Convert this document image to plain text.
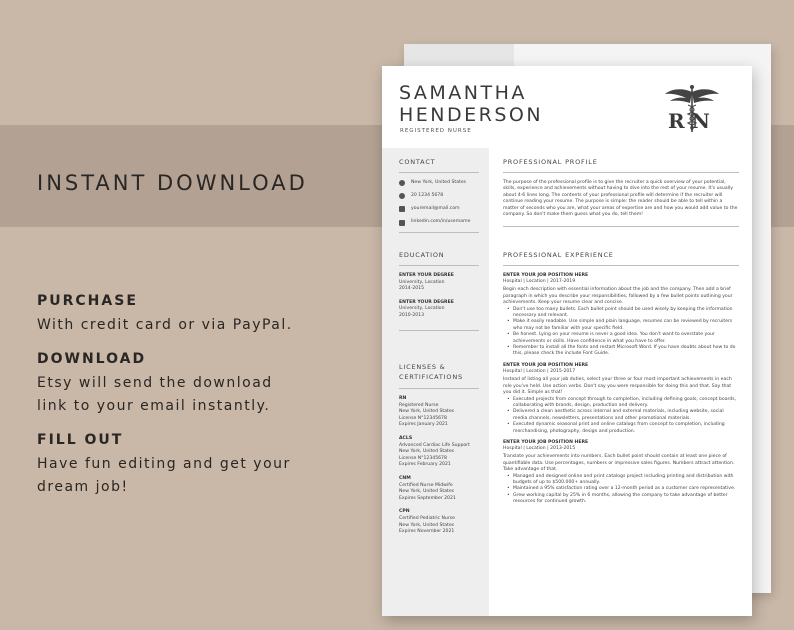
INSTANT DOWNLOAD
PURCHASE
With credit card or via PayPal.
DOWNLOAD
Etsy will send the download
link to your email instantly.
FILL OUT
Have fun editing and get your
dream job!
SAMANTHA
HENDERSON
REGISTERED NURSE	R N
CONTACT
New York, United States
20 1234 5678
youremail@mail.com
linkedin.com/in/username
EDUCATION
ENTER YOUR DEGREE
University, Location
2014-2015
ENTER YOUR DEGREE
University, Location
2010-2013
LICENSES &
CERTIFICATIONS
RN
Registered Nurse
New York, United States
License N°12345678
Expires January 2021
ACLS
Advanced Cardiac Life Support
New York, United States
License N°12345678
Expires February 2021
CNM
Certified Nurse Midwife
New York, United States
Expires September 2021
CPN
Certified Pediatric Nurse
New York, United States
Expires November 2021
PROFESSIONAL PROFILE
The purpose of the professional profile is to give the recruiter a quick overview of your potential, skills, experience and achievements without having to dive into the rest of your resume. It's usually about 4-6 lines long. The contents of your professional profile will determine if the recruiter will continue reading your resume. The purpose is simple: the reader should be able to tell within a matter of seconds who you are, what your areas of expertise are and how you would add value to the company. So don't make them guess what you do, tell them!
PROFESSIONAL EXPERIENCE
ENTER YOUR JOB POSITION HERE
Hospital | Location | 2017-2019
Begin each description with essential information about the job and the company. Then add a brief paragraph in which you describe your responsibilities, followed by a few bullet points outlining your achievements. Keep your resume clear and concise.
• Don't use too many bullets. Each bullet point should be used wisely by keeping the information necessary and relevant.
• Make it easily readable. Use simple and plain language, resumes can be reviewed by recruiters who may not be familiar with your specific field.
• Be honest. Lying on your resume is never a good idea. You don't want to overstate your achievements or skills. Have confidence in what you have to offer.
• Remember to install all the fonts and restart Microsoft Word. If you have doubts about how to do this, please check the include Font Guide.
ENTER YOUR JOB POSITION HERE
Hospital | Location | 2015-2017
Instead of listing all your job duties, select your three or four most important achievements in each role you've held. Use action verbs. Don't say you were responsible for doing this and that. Say that you did it. Simple as that!
• Executed projects from concept through to completion, including defining goals, concept boards, collaborating with brands, design, production and delivery.
• Delivered a clean aesthetic across internal and external materials, including website, social media channels, newsletters, presentations and other promotional materials.
• Executed dynamic seasonal print and online catalogs from concept to completion, including merchandising, photography, design and production.
ENTER YOUR JOB POSITION HERE
Hospital | Location | 2013-2015
Translate your achievements into numbers. Each bullet point should contain at least one piece of quantifiable data. Use percentages, numbers or impressive sales figures. Numbers attract attention. Take advantage of that.
• Managed and designed online and print catalogs project including printing and distribution with budgets of up to $500.000+ annually.
• Maintained a 95% satisfaction rating over a 12-month period as a customer care representative.
• Grew working capital by 25% in 6 months, allowing the company to take advantage of better resources for continued growth.
